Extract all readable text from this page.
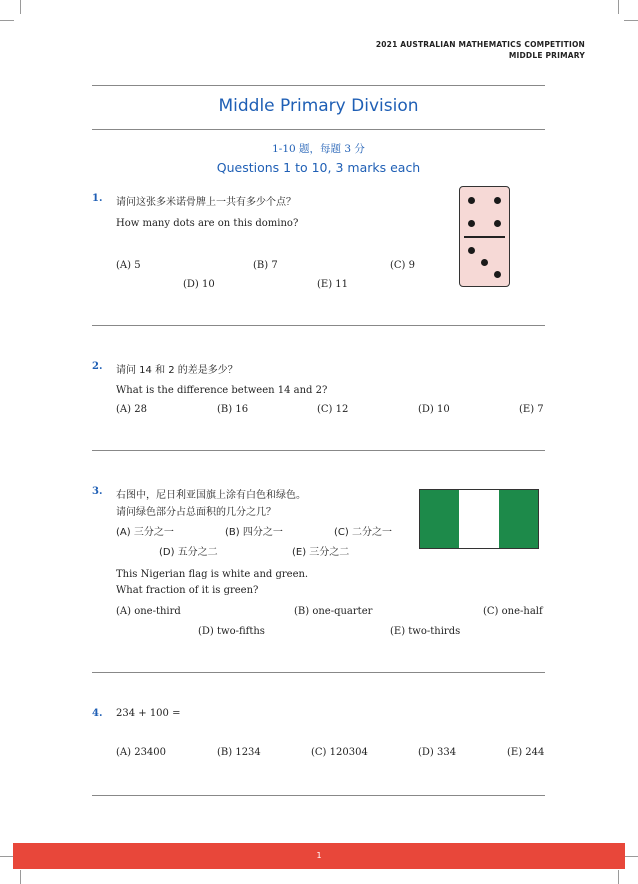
2021 AUSTRALIAN MATHEMATICS COMPETITION
MIDDLE PRIMARY
Middle Primary Division
1-10 题，每题 3 分
Questions 1 to 10, 3 marks each
1. 请问这张多米诺骨牌上一共有多少个点？
How many dots are on this domino?
(A) 5	(B) 7	(C) 9
(D) 10	(E) 11
2. 请问 14 和 2 的差是多少？
What is the difference between 14 and 2?
(A) 28	(B) 16	(C) 12	(D) 10	(E) 7
3. 右图中，尼日利亚国旗上涂有白色和绿色。
请问绿色部分占总面积的几分之几？
(A) 三分之一	(B) 四分之一	(C) 二分之一
(D) 五分之二	(E) 三分之二
This Nigerian flag is white and green.
What fraction of it is green?
(A) one-third	(B) one-quarter	(C) one-half
(D) two-fifths	(E) two-thirds
4. 234 + 100 =
(A) 23400	(B) 1234	(C) 120304	(D) 334	(E) 244
1
